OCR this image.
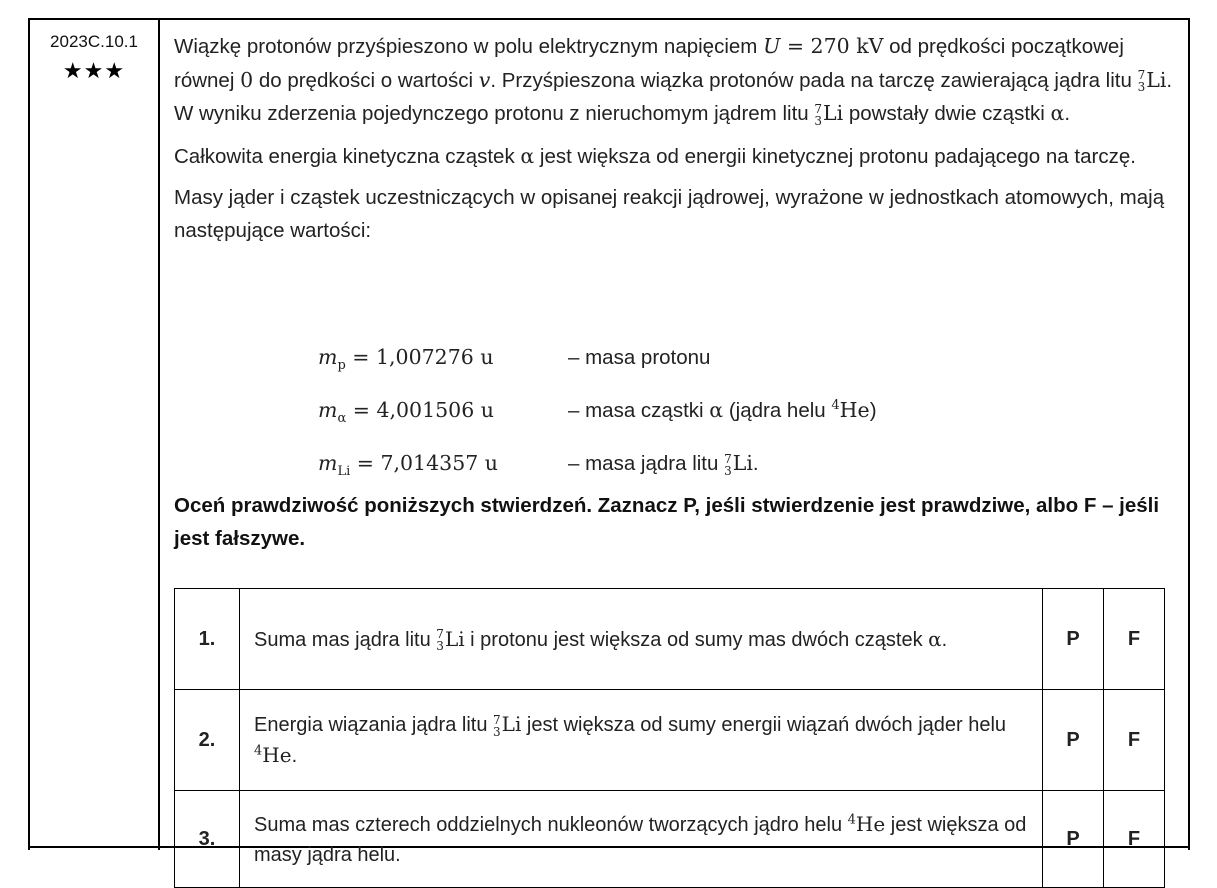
2023C.10.1
★★★

Wiązkę protonów przyśpieszono w polu elektrycznym napięciem U = 270 kV od prędkości początkowej równej 0 do prędkości o wartości v. Przyśpieszona wiązka protonów pada na tarczę zawierającą jądra litu 7
3 Li. W wyniku zderzenia pojedynczego protonu z nieruchomym jądrem litu 7
3 Li powstały dwie cząstki α.

Całkowita energia kinetyczna cząstek α jest większa od energii kinetycznej protonu padającego na tarczę.

Masy jąder i cząstek uczestniczących w opisanej reakcji jądrowej, wyrażone w jednostkach atomowych, mają następujące wartości:

$m_p = 1,007276$ u	– masa protonu
$m_\alpha = 4,001506$ u	– masa cząstki α (jądra helu $^4$He)
$m_{Li} = 7,014357$ u	– masa jądra litu 7
3 Li.

Oceń prawdziwość poniższych stwierdzeń. Zaznacz P, jeśli stwierdzenie jest prawdziwe, albo F – jeśli jest fałszywe.

1.	Suma mas jądra litu 7
3 Li i protonu jest większa od sumy mas dwóch cząstek α.	P	F
2.	Energia wiązania jądra litu 7
3 Li jest większa od sumy energii wiązań dwóch jąder helu $^4$He.	P	F
3.	Suma mas czterech oddzielnych nukleonów tworzących jądro helu $^4$He jest większa od masy jądra helu.	P	F
